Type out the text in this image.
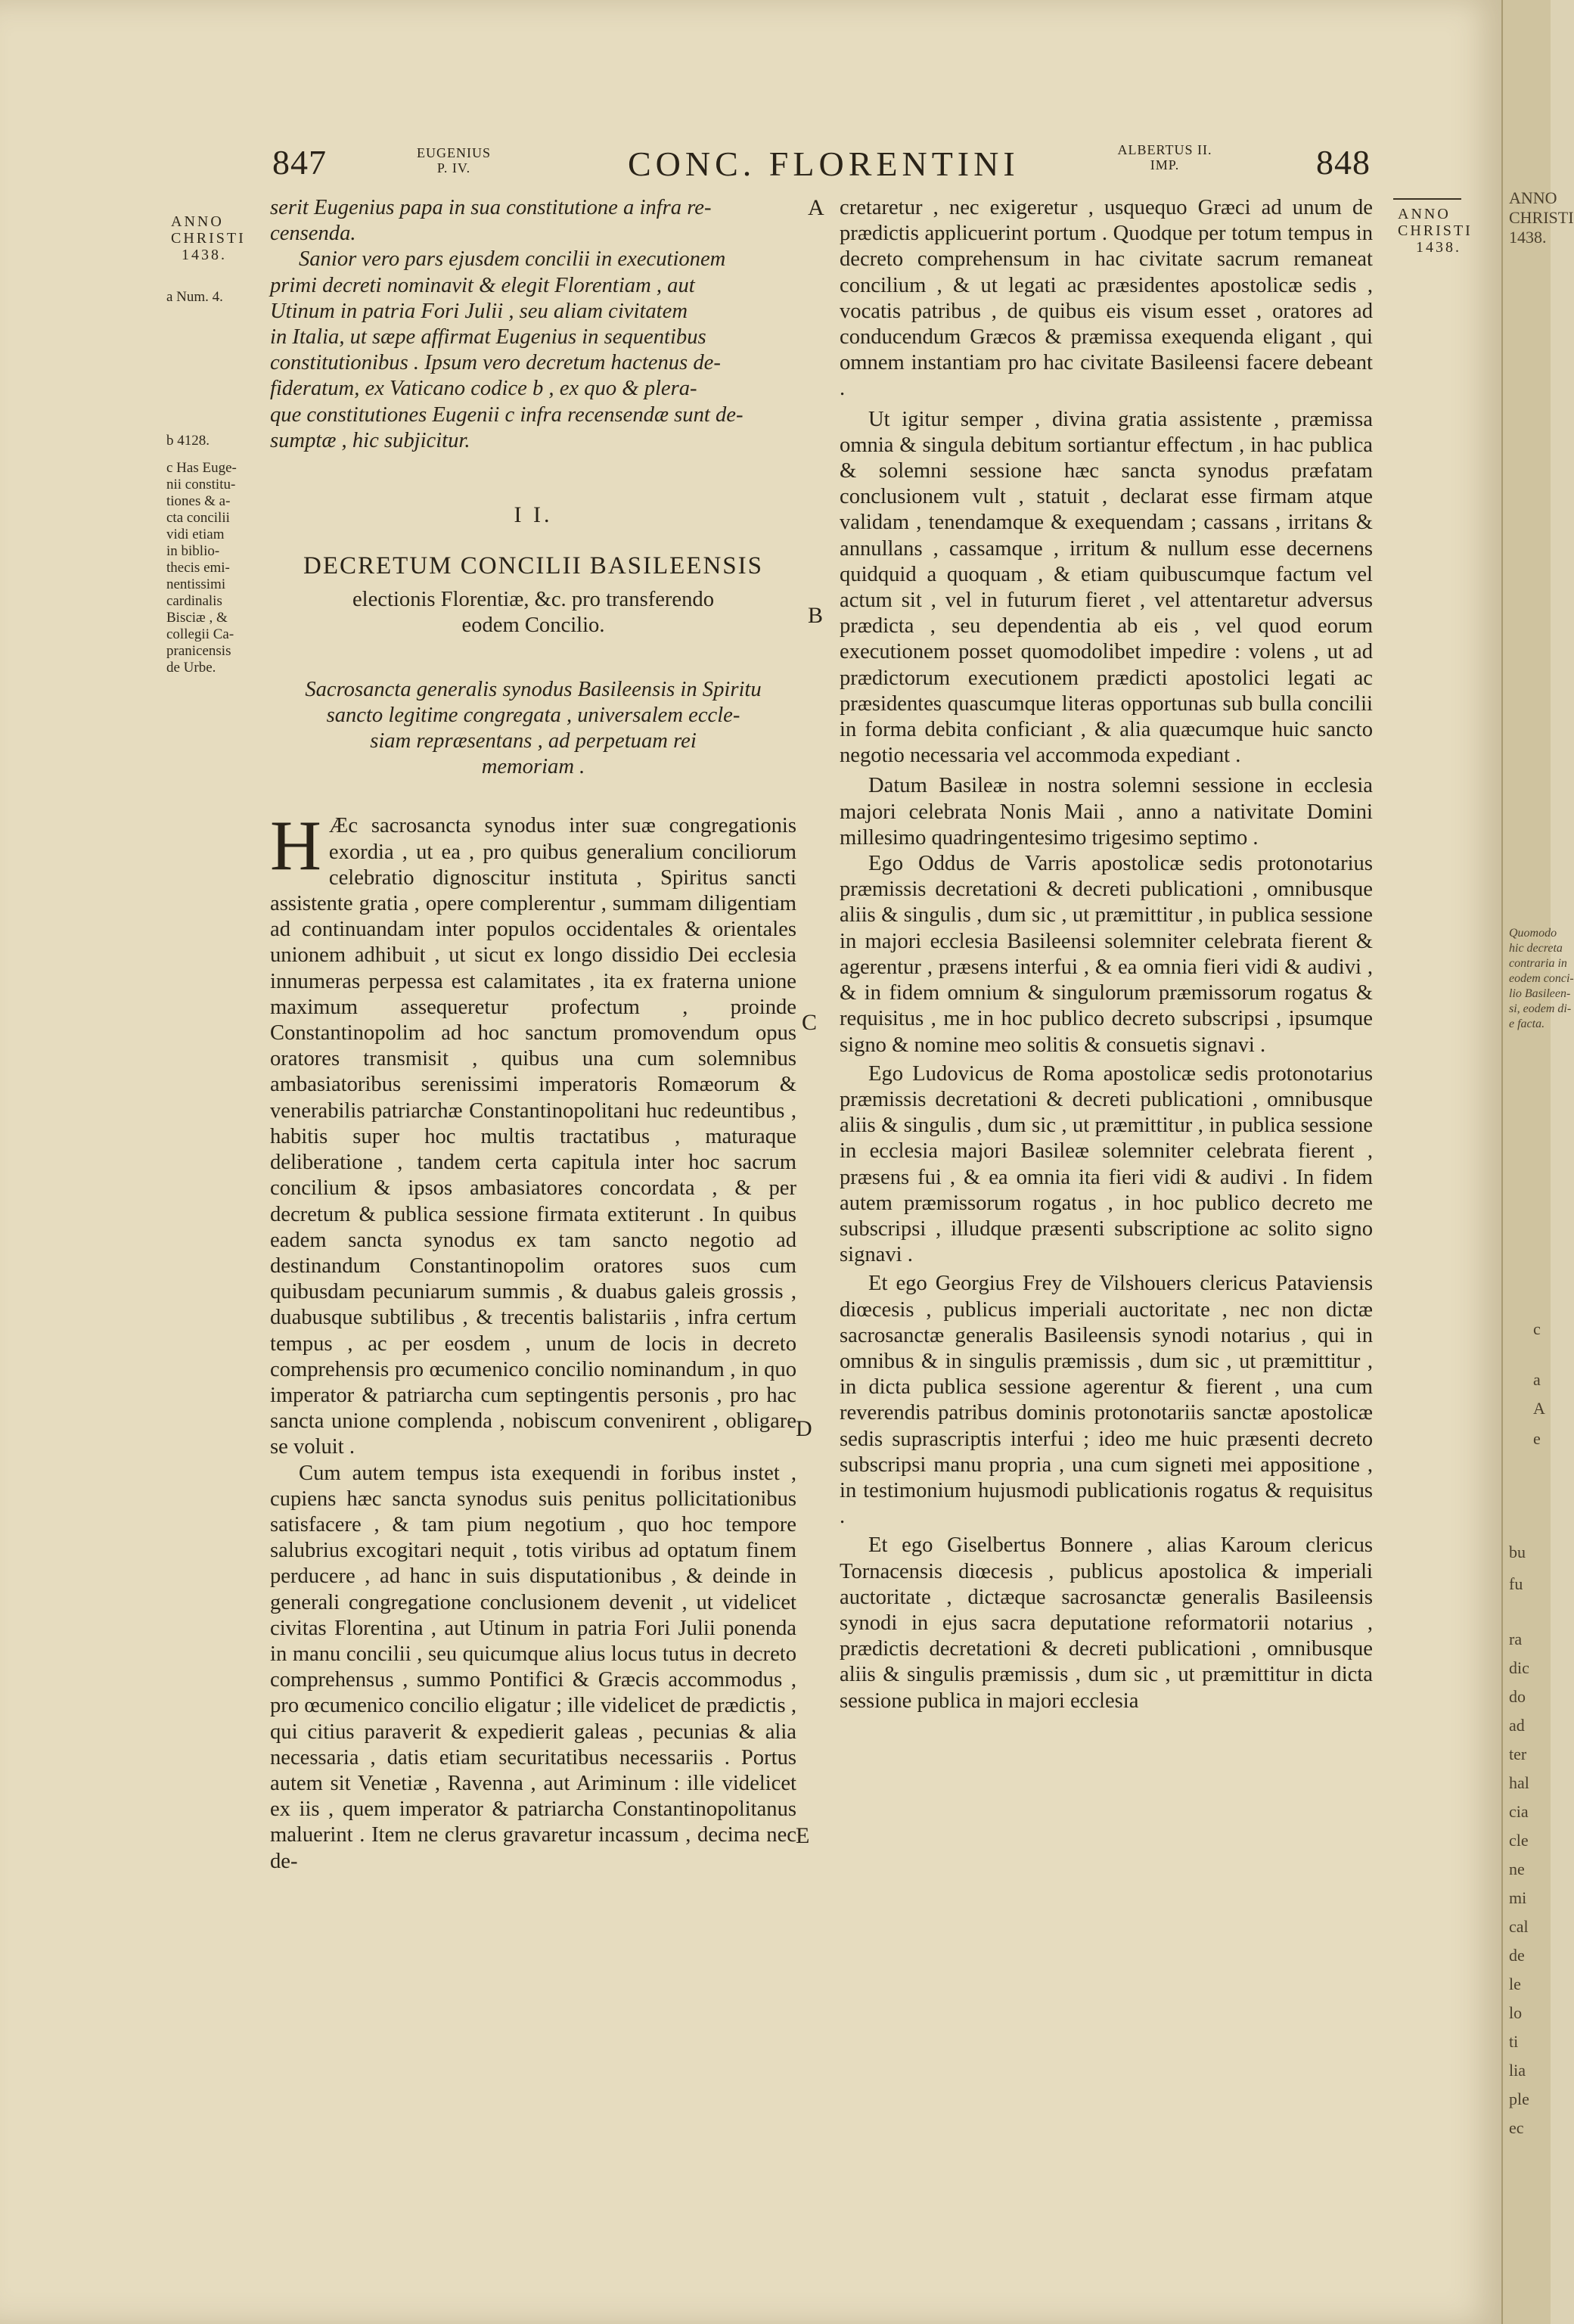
847	EUGENIUS
P. IV.	CONC. FLORENTINI	ALBERTUS II.
IMP.	848
ANNO
CHRISTI
1438.
a Num. 4.
b 4128.
c Has Euge-
nii constitu-
tiones & a-
cta concilii
vidi etiam
in biblio-
thecis emi-
nentissimi
cardinalis
Bisciæ , &
collegii Ca-
pranicensis
de Urbe.
ANNO
CHRISTI
1438.
A
B
C
D
E
serit Eugenius papa in sua constitutione a infra re-
censenda.
Sanior vero pars ejusdem concilii in executionem
primi decreti nominavit & elegit Florentiam , aut
Utinum in patria Fori Julii , seu aliam civitatem
in Italia, ut sæpe affirmat Eugenius in sequentibus
constitutionibus . Ipsum vero decretum hactenus de-
fideratum, ex Vaticano codice b , ex quo & plera-
que constitutiones Eugenii c infra recensendæ sunt de-
sumptæ , hic subjicitur.
I I.
DECRETUM CONCILII BASILEENSIS
electionis Florentiæ, &c. pro transferendo
eodem Concilio.
Sacrosancta generalis synodus Basileensis in Spiritu
sancto legitime congregata , universalem eccle-
siam repræsentans , ad perpetuam rei
memoriam .

H Æc sacrosancta synodus inter suæ congregationis exordia , ut ea , pro quibus generalium conciliorum celebratio dignoscitur instituta , Spiritus sancti assistente gratia , opere complerentur , summam diligentiam ad continuandam inter populos occidentales & orientales unionem adhibuit , ut sicut ex longo dissidio Dei ecclesia innumeras perpessa est calamitates , ita ex fraterna unione maximum assequeretur profectum , proinde Constantinopolim ad hoc sanctum promovendum opus oratores transmisit , quibus una cum solemnibus ambasiatoribus serenissimi imperatoris Romæorum & venerabilis patriarchæ Constantinopolitani huc redeuntibus , habitis super hoc multis tractatibus , maturaque deliberatione , tandem certa capitula inter hoc sacrum concilium & ipsos ambasiatores concordata , & per decretum & publica sessione firmata extiterunt . In quibus eadem sancta synodus ex tam sancto negotio ad destinandum Constantinopolim oratores suos cum quibusdam pecuniarum summis , & duabus galeis grossis , duabusque subtilibus , & trecentis balistariis , infra certum tempus , ac per eosdem , unum de locis in decreto comprehensis pro œcumenico concilio nominandum , in quo imperator & patriarcha cum septingentis personis , pro hac sancta unione complenda , nobiscum convenirent , obligare se voluit .

Cum autem tempus ista exequendi in foribus instet , cupiens hæc sancta synodus suis penitus pollicitationibus satisfacere , & tam pium negotium , quo hoc tempore salubrius excogitari nequit , totis viribus ad optatum finem perducere , ad hanc in suis disputationibus , & deinde in generali congregatione conclusionem devenit , ut videlicet civitas Florentina , aut Utinum in patria Fori Julii ponenda in manu concilii , seu quicumque alius locus tutus in decreto comprehensus , summo Pontifici & Græcis accommodus , pro œcumenico concilio eligatur ; ille videlicet de prædictis , qui citius paraverit & expedierit galeas , pecunias & alia necessaria , datis etiam securitatibus necessariis . Portus autem sit Venetiæ , Ravenna , aut Ariminum : ille videlicet ex iis , quem imperator & patriarcha Constantinopolitanus maluerint . Item ne clerus gravaretur incassum , decima nec de-

cretaretur , nec exigeretur , usquequo Græci ad unum de prædictis applicuerint portum . Quodque per totum tempus in decreto comprehensum in hac civitate sacrum remaneat concilium , & ut legati ac præsidentes apostolicæ sedis , vocatis patribus , de quibus eis visum esset , oratores ad conducendum Græcos & præmissa exequenda eligant , qui omnem instantiam pro hac civitate Basileensi facere debeant .

Ut igitur semper , divina gratia assistente , præmissa omnia & singula debitum sortiantur effectum , in hac publica & solemni sessione hæc sancta synodus præfatam conclusionem vult , statuit , declarat esse firmam atque validam , tenendamque & exequendam ; cassans , irritans & annullans , cassamque , irritum & nullum esse decernens quidquid a quoquam , & etiam quibuscumque factum vel actum sit , vel in futurum fieret , vel attentaretur adversus prædicta , seu dependentia ab eis , vel quod eorum executionem posset quomodolibet impedire : volens , ut ad prædictorum executionem prædicti apostolici legati ac præsidentes quascumque literas opportunas sub bulla concilii in forma debita conficiant , & alia quæcumque huic sancto negotio necessaria vel accommoda expediant .

Datum Basileæ in nostra solemni sessione in ecclesia majori celebrata Nonis Maii , anno a nativitate Domini millesimo quadringentesimo trigesimo septimo .

Ego Oddus de Varris apostolicæ sedis protonotarius præmissis decretationi & decreti publicationi , omnibusque aliis & singulis , dum sic , ut præmittitur , in publica sessione in majori ecclesia Basileensi solemniter celebrata fierent & agerentur , præsens interfui , & ea omnia fieri vidi & audivi , & in fidem omnium & singulorum præmissorum rogatus & requisitus , me in hoc publico decreto subscripsi , ipsumque signo & nomine meo solitis & consuetis signavi .

Ego Ludovicus de Roma apostolicæ sedis protonotarius præmissis decretationi & decreti publicationi , omnibusque aliis & singulis , dum sic , ut præmittitur , in publica sessione in ecclesia majori Basileæ solemniter celebrata fierent , præsens fui , & ea omnia ita fieri vidi & audivi . In fidem autem præmissorum rogatus , in hoc publico decreto me subscripsi , illudque præsenti subscriptione ac solito signo signavi .

Et ego Georgius Frey de Vilshouers clericus Pataviensis diœcesis , publicus imperiali auctoritate , nec non dictæ sacrosanctæ generalis Basileensis synodi notarius , qui in omnibus & in singulis præmissis , dum sic , ut præmittitur , in dicta publica sessione agerentur & fierent , una cum reverendis patribus dominis protonotariis sanctæ apostolicæ sedis suprascriptis interfui ; ideo me huic præsenti decreto subscripsi manu propria , una cum signeti mei appositione , in testimonium hujusmodi publicationis rogatus & requisitus .

Et ego Giselbertus Bonnere , alias Karoum clericus Tornacensis diœcesis , publicus apostolica & imperiali auctoritate , dictæque sacrosanctæ generalis Basileensis synodi in ejus sacra deputatione reformatorii notarius , prædictis decretationi & decreti publicationi , omnibusque aliis & singulis præmissis , dum sic , ut præmittitur in dicta sessione publica in majori ecclesia

ANNO
CHRISTI
1438.
Quomodo
hic decreta
contraria in
eodem conci-
lio Basileen-
si, eodem di-
e facta.
c
a
A
e
bu
fu
ra
dic
do
ad
ter
hal
cia
cle
ne
mi
cal
de
le
lo
ti
lia
ple
ec
